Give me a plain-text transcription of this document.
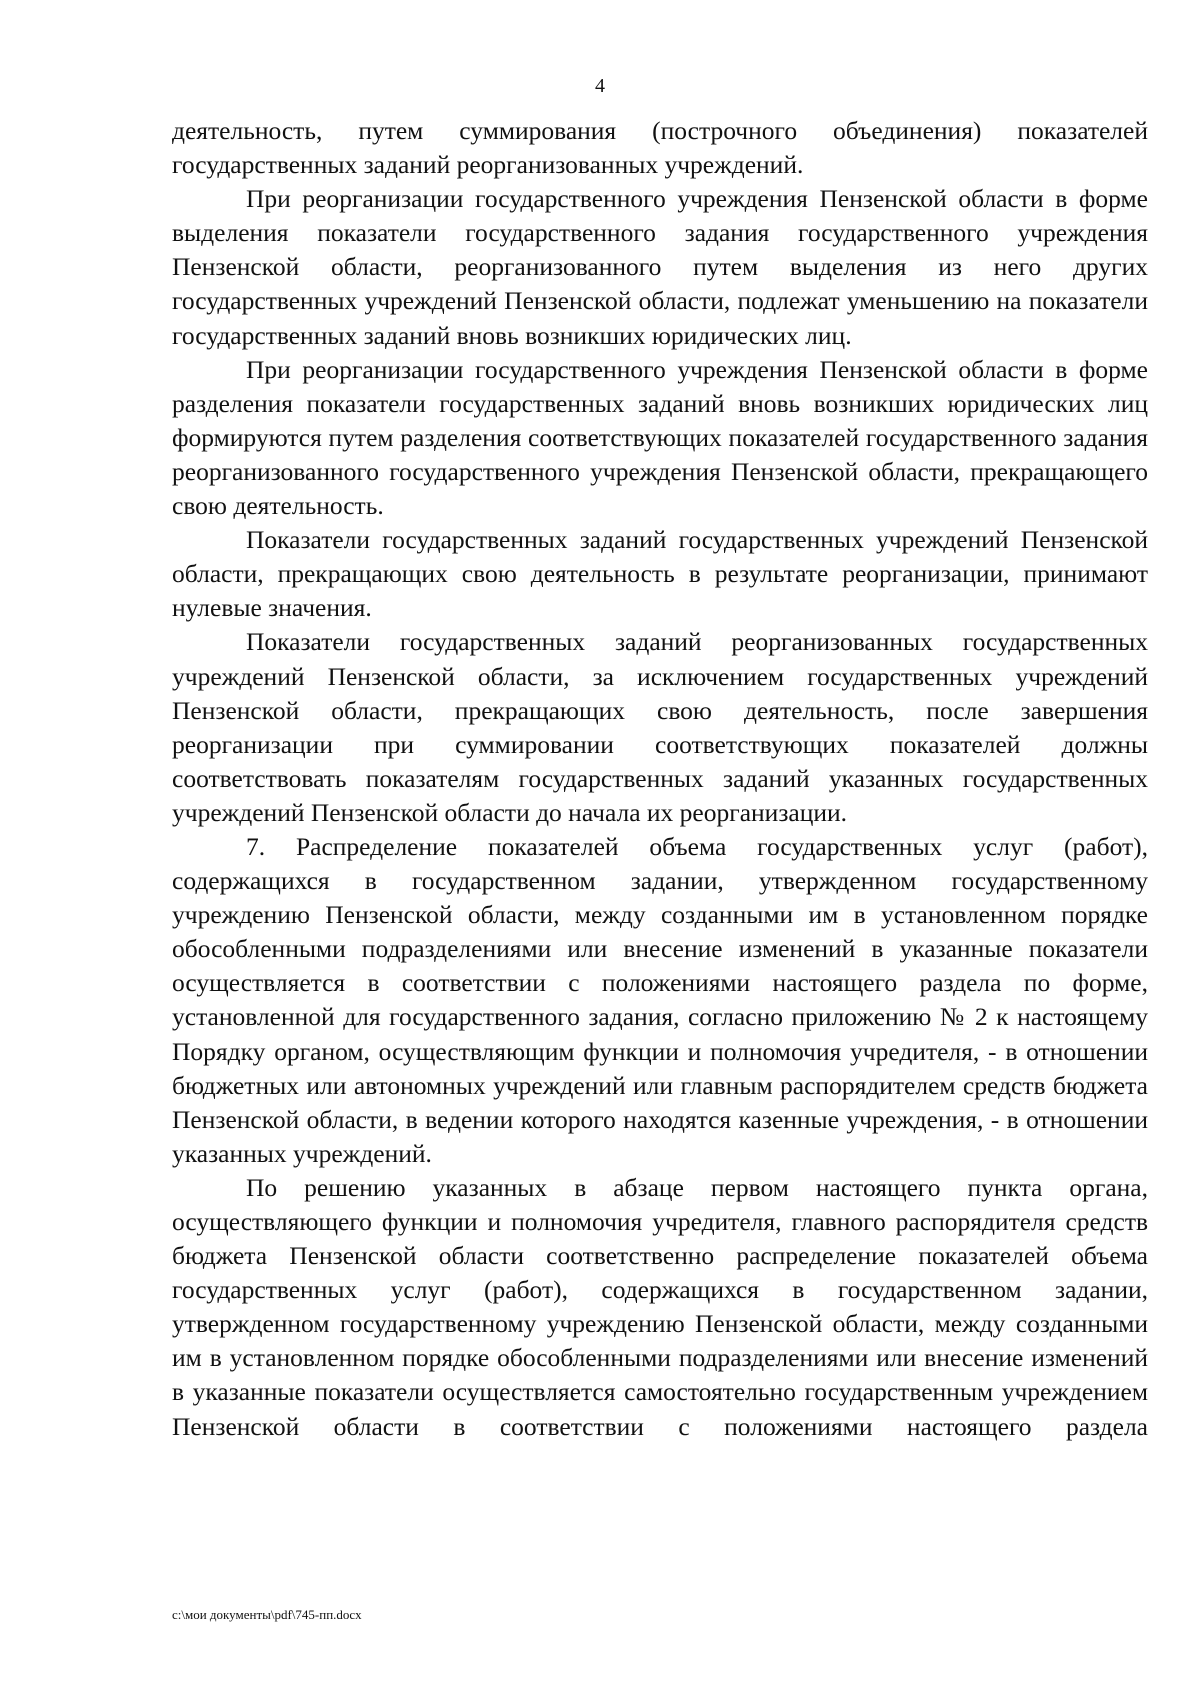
4

деятельность, путем суммирования (построчного объединения) показателей государственных заданий реорганизованных учреждений.

При реорганизации государственного учреждения Пензенской области в форме выделения показатели государственного задания государственного учреждения Пензенской области, реорганизованного путем выделения из него других государственных учреждений Пензенской области, подлежат уменьшению на показатели государственных заданий вновь возникших юридических лиц.

При реорганизации государственного учреждения Пензенской области в форме разделения показатели государственных заданий вновь возникших юридических лиц формируются путем разделения соответствующих показателей государственного задания реорганизованного государственного учреждения Пензенской области, прекращающего свою деятельность.

Показатели государственных заданий государственных учреждений Пензенской области, прекращающих свою деятельность в результате реорганизации, принимают нулевые значения.

Показатели государственных заданий реорганизованных государственных учреждений Пензенской области, за исключением государственных учреждений Пензенской области, прекращающих свою деятельность, после завершения реорганизации при суммировании соответствующих показателей должны соответствовать показателям государственных заданий указанных государственных учреждений Пензенской области до начала их реорганизации.

7. Распределение показателей объема государственных услуг (работ), содержащихся в государственном задании, утвержденном государственному учреждению Пензенской области, между созданными им в установленном порядке обособленными подразделениями или внесение изменений в указанные показатели осуществляется в соответствии с положениями настоящего раздела по форме, установленной для государственного задания, согласно приложению № 2 к настоящему Порядку органом, осуществляющим функции и полномочия учредителя, - в отношении бюджетных или автономных учреждений или главным распорядителем средств бюджета Пензенской области, в ведении которого находятся казенные учреждения, - в отношении указанных учреждений.

По решению указанных в абзаце первом настоящего пункта органа, осуществляющего функции и полномочия учредителя, главного распорядителя средств бюджета Пензенской области соответственно распределение показателей объема государственных услуг (работ), содержащихся в государственном задании, утвержденном государственному учреждению Пензенской области, между созданными им в установленном порядке обособленными подразделениями или внесение изменений в указанные показатели осуществляется самостоятельно государственным учреждением Пензенской области в соответствии с положениями настоящего раздела

c:\мои документы\pdf\745-пп.docx
